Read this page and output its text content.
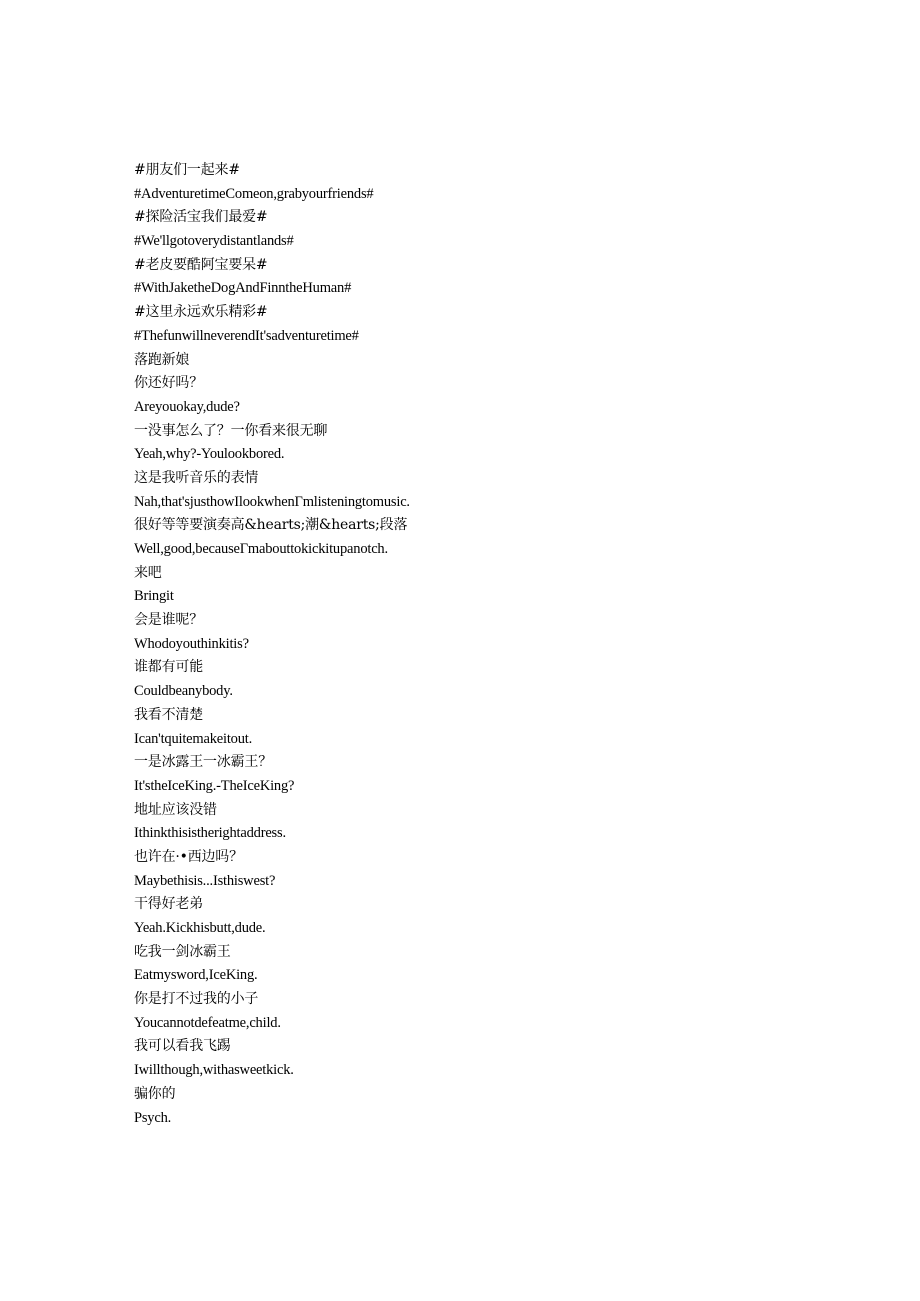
#朋友们一起来#
#AdventuretimeComeon,grabyourfriends#
#探险活宝我们最爱#
#We'llgotoverydistantlands#
#老皮要酷阿宝要呆#
#WithJaketheDogAndFinntheHuman#
#这里永远欢乐精彩#
#ThefunwillneverendIt'sadventuretime#
落跑新娘
你还好吗？
Areyouokay,dude?
一没事怎么了？一你看来很无聊
Yeah,why?-Youlookbored.
这是我听音乐的表情
Nah,that'sjusthowIlookwhenΓmlisteningtomusic.
很好等等要演奏高&hearts;潮&hearts;段落
Well,good,becauseΓmabouttokickitupanotch.
来吧
Bringit
会是谁呢？
Whodoyouthinkitis?
谁都有可能
Couldbeanybody.
我看不清楚
Ican'tquitemakeitout.
一是冰露王一冰霸王？
It'stheIceKing.-TheIceKing?
地址应该没错
Ithinkthisistherightaddress.
也许在·•西边吗？
Maybethisis...Isthiswest?
干得好老弟
Yeah.Kickhisbutt,dude.
吃我一剑冰霸王
Eatmysword,IceKing.
你是打不过我的小子
Youcannotdefeatme,child.
我可以看我飞踢
Iwillthough,withasweetkick.
骗你的
Psych.
